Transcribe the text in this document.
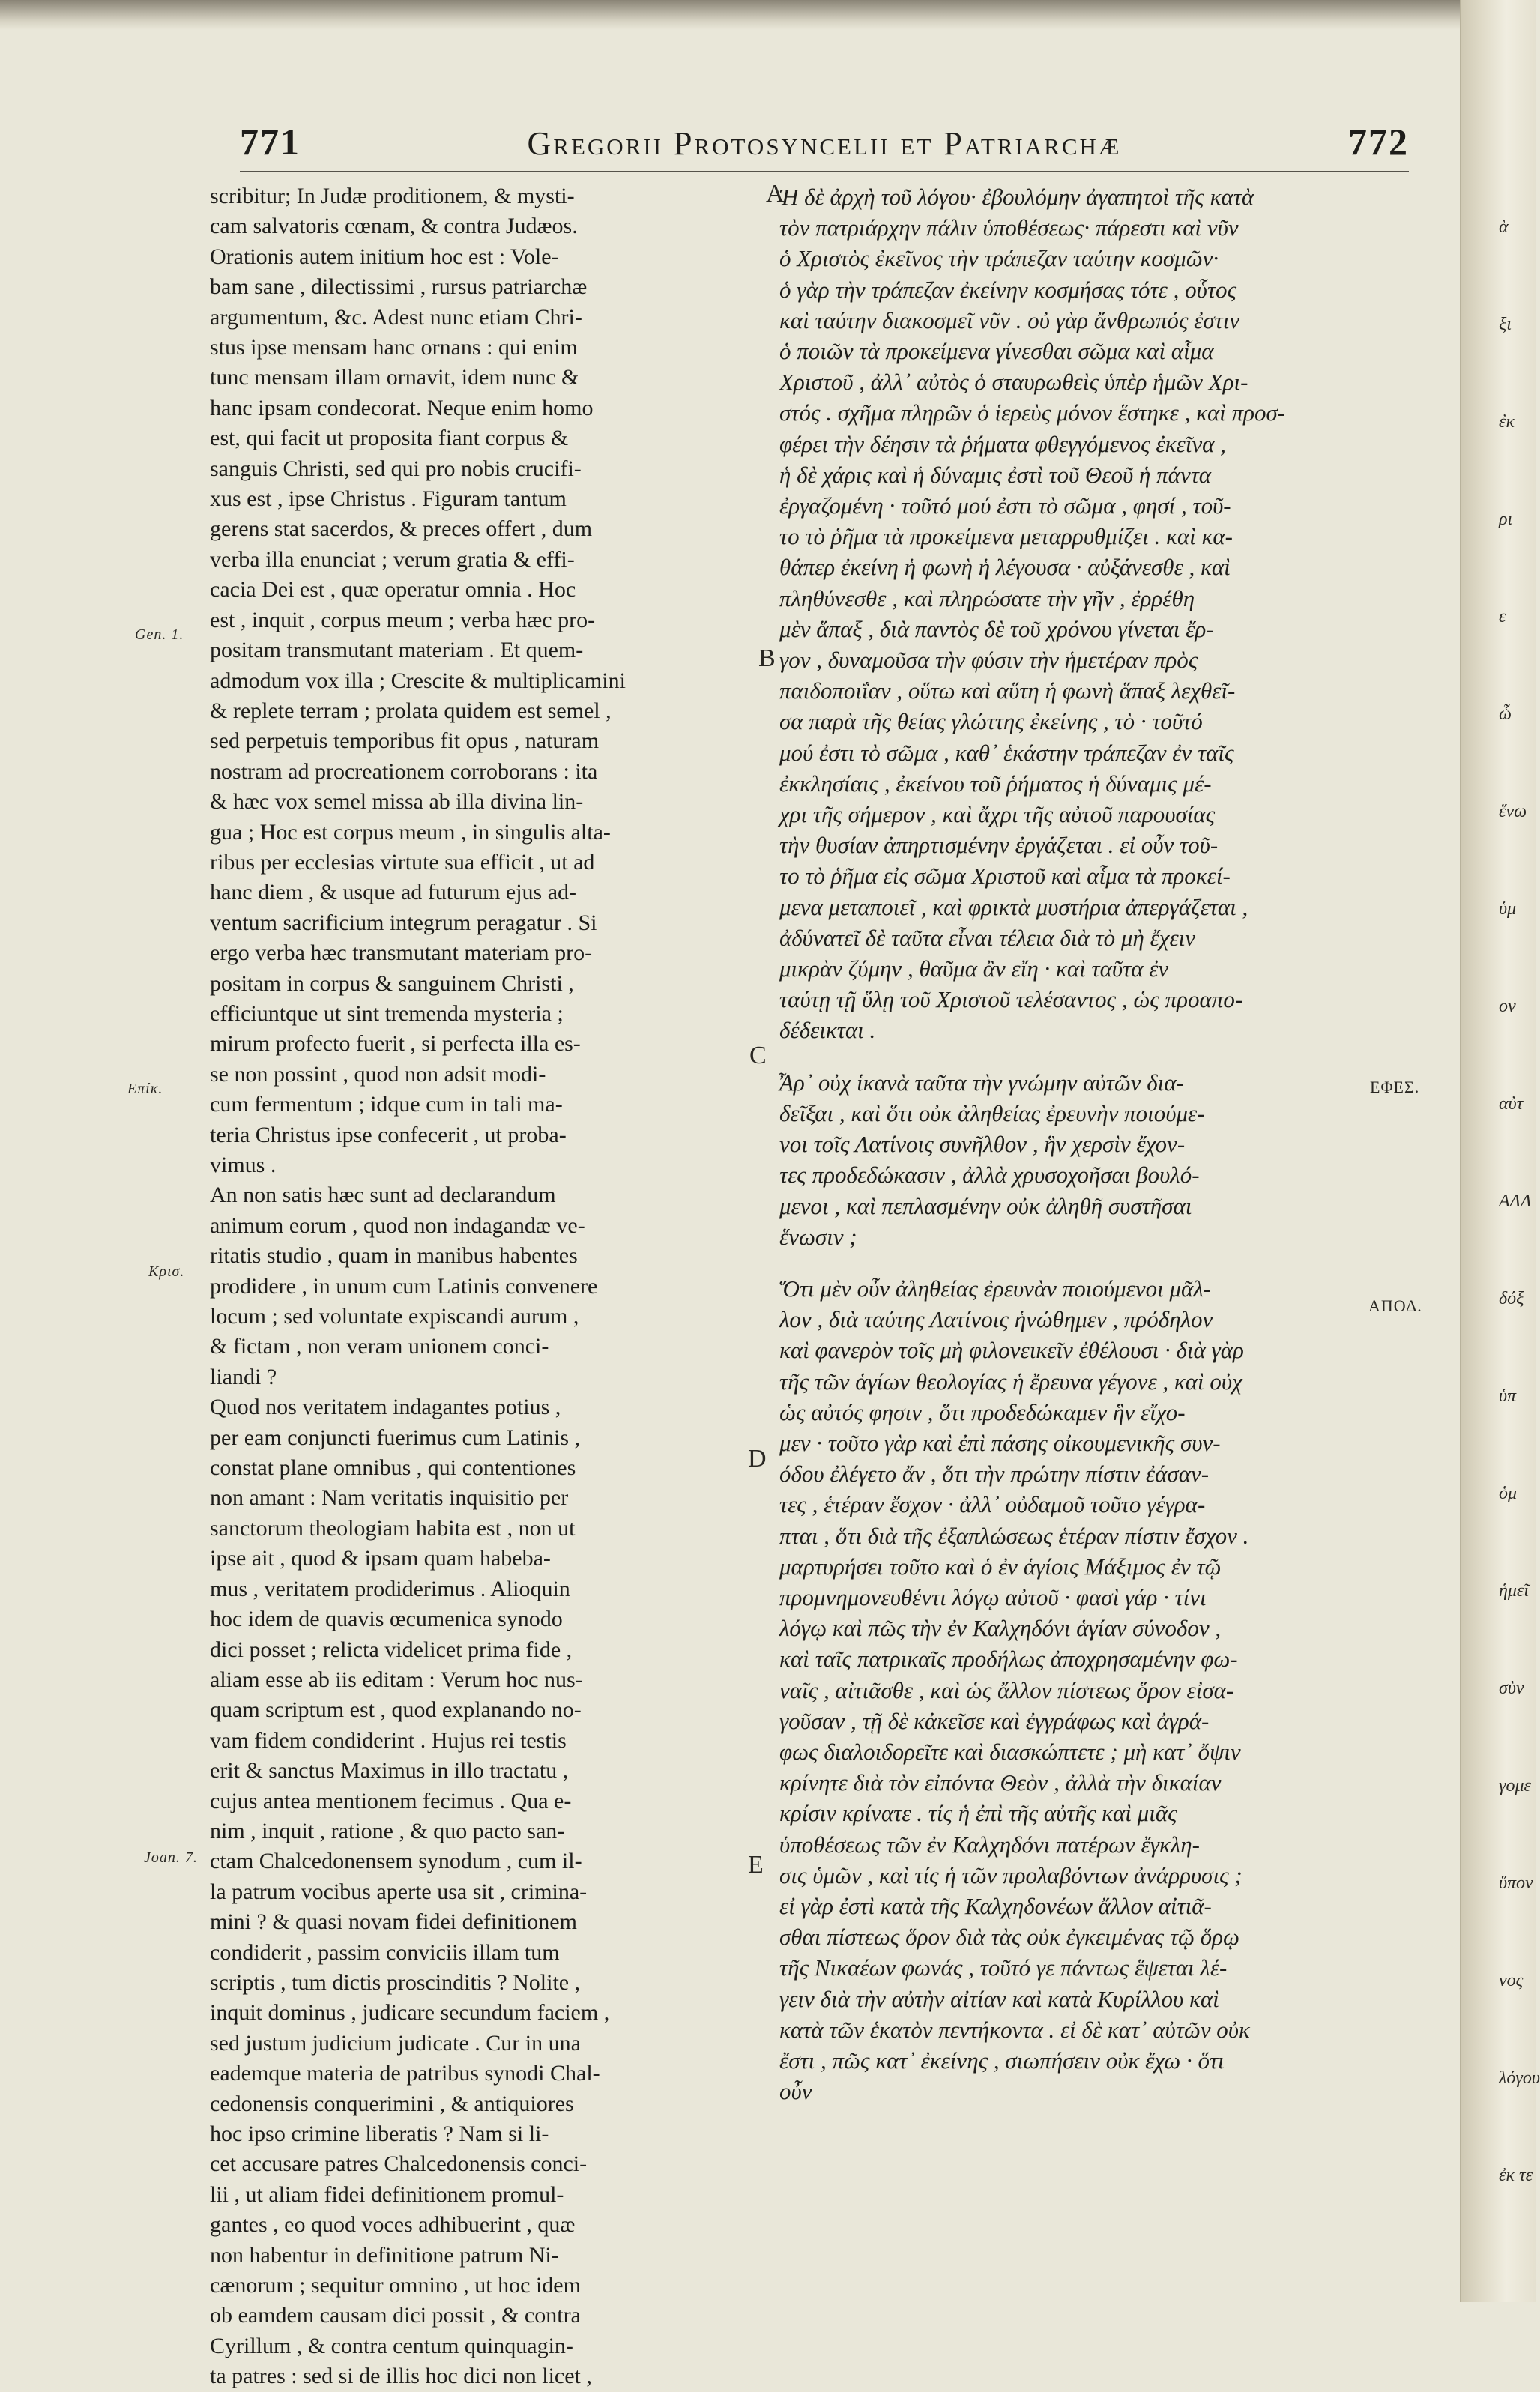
771	Gregorii Protosyncelii et Patriarchæ	772
scribitur; In Judæ proditionem, & mysti-
cam salvatoris cœnam, & contra Judæos.
Orationis autem initium hoc est : Vole-
bam sane , dilectissimi , rursus patriarchæ
argumentum, &c. Adest nunc etiam Chri-
stus ipse mensam hanc ornans : qui enim
tunc mensam illam ornavit, idem nunc &
hanc ipsam condecorat. Neque enim homo
est, qui facit ut proposita fiant corpus &
sanguis Christi, sed qui pro nobis crucifi-
xus est , ipse Christus . Figuram tantum
gerens stat sacerdos, & preces offert , dum
verba illa enunciat ; verum gratia & effi-
cacia Dei est , quæ operatur omnia . Hoc
est , inquit , corpus meum ; verba hæc pro-
positam transmutant materiam . Et quem-
admodum vox illa ; Crescite & multiplicamini
& replete terram ; prolata quidem est semel ,
sed perpetuis temporibus fit opus , naturam
nostram ad procreationem corroborans : ita
& hæc vox semel missa ab illa divina lin-
gua ; Hoc est corpus meum , in singulis alta-
ribus per ecclesias virtute sua efficit , ut ad
hanc diem , & usque ad futurum ejus ad-
ventum sacrificium integrum peragatur . Si
ergo verba hæc transmutant materiam pro-
positam in corpus & sanguinem Christi ,
efficiuntque ut sint tremenda mysteria ;
mirum profecto fuerit , si perfecta illa es-
se non possint , quod non adsit modi-
cum fermentum ; idque cum in tali ma-
teria Christus ipse confecerit , ut proba-
vimus .
An non satis hæc sunt ad declarandum
animum eorum , quod non indagandæ ve-
ritatis studio , quam in manibus habentes
prodidere , in unum cum Latinis convenere
locum ; sed voluntate expiscandi aurum ,
& fictam , non veram unionem conci-
liandi ?
Quod nos veritatem indagantes potius ,
per eam conjuncti fuerimus cum Latinis ,
constat plane omnibus , qui contentiones
non amant : Nam veritatis inquisitio per
sanctorum theologiam habita est , non ut
ipse ait , quod & ipsam quam habeba-
mus , veritatem prodiderimus . Alioquin
hoc idem de quavis œcumenica synodo
dici posset ; relicta videlicet prima fide ,
aliam esse ab iis editam : Verum hoc nus-
quam scriptum est , quod explanando no-
vam fidem condiderint . Hujus rei testis
erit & sanctus Maximus in illo tractatu ,
cujus antea mentionem fecimus . Qua e-
nim , inquit , ratione , & quo pacto san-
ctam Chalcedonensem synodum , cum il-
la patrum vocibus aperte usa sit , crimina-
mini ? & quasi novam fidei definitionem
condiderit , passim conviciis illam tum
scriptis , tum dictis proscinditis ? Nolite ,
inquit dominus , judicare secundum faciem ,
sed justum judicium judicate . Cur in una
eademque materia de patribus synodi Chal-
cedonensis conquerimini , & antiquiores
hoc ipso crimine liberatis ? Nam si li-
cet accusare patres Chalcedonensis conci-
lii , ut aliam fidei definitionem promul-
gantes , eo quod voces adhibuerint , quæ
non habentur in definitione patrum Ni-
cænorum ; sequitur omnino , ut hoc idem
ob eamdem causam dici possit , & contra
Cyrillum , & contra centum quinquagin-
ta patres : sed si de illis hoc dici non licet ,
Ἡ δὲ ἀρχὴ τοῦ λόγου· ἐβουλόμην ἀγαπητοὶ τῆς κατὰ
τὸν πατριάρχην πάλιν ὑποθέσεως· πάρεστι καὶ νῦν
ὁ Χριστὸς ἐκεῖνος τὴν τράπεζαν ταύτην κοσμῶν·
ὁ γὰρ τὴν τράπεζαν ἐκείνην κοσμήσας τότε , οὗτος
καὶ ταύτην διακοσμεῖ νῦν . οὐ γὰρ ἄνθρωπός ἐστιν
ὁ ποιῶν τὰ προκείμενα γίνεσθαι σῶμα καὶ αἷμα
Χριστοῦ , ἀλλ᾽ αὐτὸς ὁ σταυρωθεὶς ὑπὲρ ἡμῶν Χρι-
στός . σχῆμα πληρῶν ὁ ἱερεὺς μόνον ἕστηκε , καὶ προσ-
φέρει τὴν δέησιν τὰ ῥήματα φθεγγόμενος ἐκεῖνα ,
ἡ δὲ χάρις καὶ ἡ δύναμις ἐστὶ τοῦ Θεοῦ ἡ πάντα
ἐργαζομένη · τοῦτό μού ἐστι τὸ σῶμα , φησί , τοῦ-
το τὸ ῥῆμα τὰ προκείμενα μεταρρυθμίζει . καὶ κα-
θάπερ ἐκείνη ἡ φωνὴ ἡ λέγουσα · αὐξάνεσθε , καὶ
πληθύνεσθε , καὶ πληρώσατε τὴν γῆν , ἐρρέθη
μὲν ἅπαξ , διὰ παντὸς δὲ τοῦ χρόνου γίνεται ἔρ-
γον , δυναμοῦσα τὴν φύσιν τὴν ἡμετέραν πρὸς
παιδοποιΐαν , οὕτω καὶ αὕτη ἡ φωνὴ ἅπαξ λεχθεῖ-
σα παρὰ τῆς θείας γλώττης ἐκείνης , τὸ · τοῦτό
μού ἐστι τὸ σῶμα , καθ᾽ ἑκάστην τράπεζαν ἐν ταῖς
ἐκκλησίαις , ἐκείνου τοῦ ῥήματος ἡ δύναμις μέ-
χρι τῆς σήμερον , καὶ ἄχρι τῆς αὐτοῦ παρουσίας
τὴν θυσίαν ἀπηρτισμένην ἐργάζεται . εἰ οὖν τοῦ-
το τὸ ῥῆμα εἰς σῶμα Χριστοῦ καὶ αἷμα τὰ προκεί-
μενα μεταποιεῖ , καὶ φρικτὰ μυστήρια ἀπεργάζεται ,
ἀδύνατεῖ δὲ ταῦτα εἶναι τέλεια διὰ τὸ μὴ ἔχειν
μικρὰν ζύμην , θαῦμα ἂν εἴη · καὶ ταῦτα ἐν
ταύτῃ τῇ ὕλῃ τοῦ Χριστοῦ τελέσαντος , ὡς προαπο-
δέδεικται .
Ἆρ᾽ οὐχ ἱκανὰ ταῦτα τὴν γνώμην αὐτῶν δια-
δεῖξαι , καὶ ὅτι οὐκ ἀληθείας ἐρευνὴν ποιούμε-
νοι τοῖς Λατίνοις συνῆλθον , ἣν χερσὶν ἔχον-
τες προδεδώκασιν , ἀλλὰ χρυσοχοῆσαι βουλό-
μενοι , καὶ πεπλασμένην οὐκ ἀληθῆ συστῆσαι
ἕνωσιν ;
Ὅτι μὲν οὖν ἀληθείας ἐρευνὰν ποιούμενοι μᾶλ-
λον , διὰ ταύτης Λατίνοις ἡνώθημεν , πρόδηλον
καὶ φανερὸν τοῖς μὴ φιλονεικεῖν ἐθέλουσι · διὰ γὰρ
τῆς τῶν ἁγίων θεολογίας ἡ ἔρευνα γέγονε , καὶ οὐχ
ὡς αὐτός φησιν , ὅτι προδεδώκαμεν ἣν εἴχο-
μεν · τοῦτο γὰρ καὶ ἐπὶ πάσης οἰκουμενικῆς συν-
όδου ἐλέγετο ἄν , ὅτι τὴν πρώτην πίστιν ἐάσαν-
τες , ἑτέραν ἔσχον · ἀλλ᾽ οὐδαμοῦ τοῦτο γέγρα-
πται , ὅτι διὰ τῆς ἐξαπλώσεως ἑτέραν πίστιν ἔσχον .
μαρτυρήσει τοῦτο καὶ ὁ ἐν ἁγίοις Μάξιμος ἐν τῷ
προμνημονευθέντι λόγῳ αὐτοῦ · φασὶ γάρ · τίνι
λόγῳ καὶ πῶς τὴν ἐν Καλχηδόνι ἁγίαν σύνοδον ,
καὶ ταῖς πατρικαῖς προδήλως ἀποχρησαμένην φω-
ναῖς , αἰτιᾶσθε , καὶ ὡς ἄλλον πίστεως ὅρον εἰσα-
γοῦσαν , τῇ δὲ κἀκεῖσε καὶ ἐγγράφως καὶ ἀγρά-
φως διαλοιδορεῖτε καὶ διασκώπτετε ; μὴ κατ᾽ ὄψιν
κρίνητε διὰ τὸν εἰπόντα Θεὸν , ἀλλὰ τὴν δικαίαν
κρίσιν κρίνατε . τίς ἡ ἐπὶ τῆς αὐτῆς καὶ μιᾶς
ὑποθέσεως τῶν ἐν Καλχηδόνι πατέρων ἔγκλη-
σις ὑμῶν , καὶ τίς ἡ τῶν προλαβόντων ἀνάρρυσις ;
εἰ γὰρ ἐστὶ κατὰ τῆς Καλχηδονέων ἄλλον αἰτιᾶ-
σθαι πίστεως ὅρον διὰ τὰς οὐκ ἐγκειμένας τῷ ὅρῳ
τῆς Νικαέων φωνάς , τοῦτό γε πάντως ἕψεται λέ-
γειν διὰ τὴν αὐτὴν αἰτίαν καὶ κατὰ Κυρίλλου καὶ
κατὰ τῶν ἑκατὸν πεντήκοντα . εἰ δὲ κατ᾽ αὐτῶν οὐκ
ἔστι , πῶς κατ᾽ ἐκείνης , σιωπήσειν οὐκ ἔχω · ὅτι
οὖν
A
B
C
D
E
Gen. 1.
Επίκ.
Κρισ.
Joan. 7.
ΕΦΕΣ.
ΑΠΟΔ.
ὰ
ξι
ἐκ
ρι
ε
ὧ
ἕνω
ὑμ
ον
αὐτ
ΑΛΛ
δόξ
ὑπ
ὁμ
ἡμεῖ
σὺν
γομε
ὕπον
νος
λόγου
ἐκ τε
